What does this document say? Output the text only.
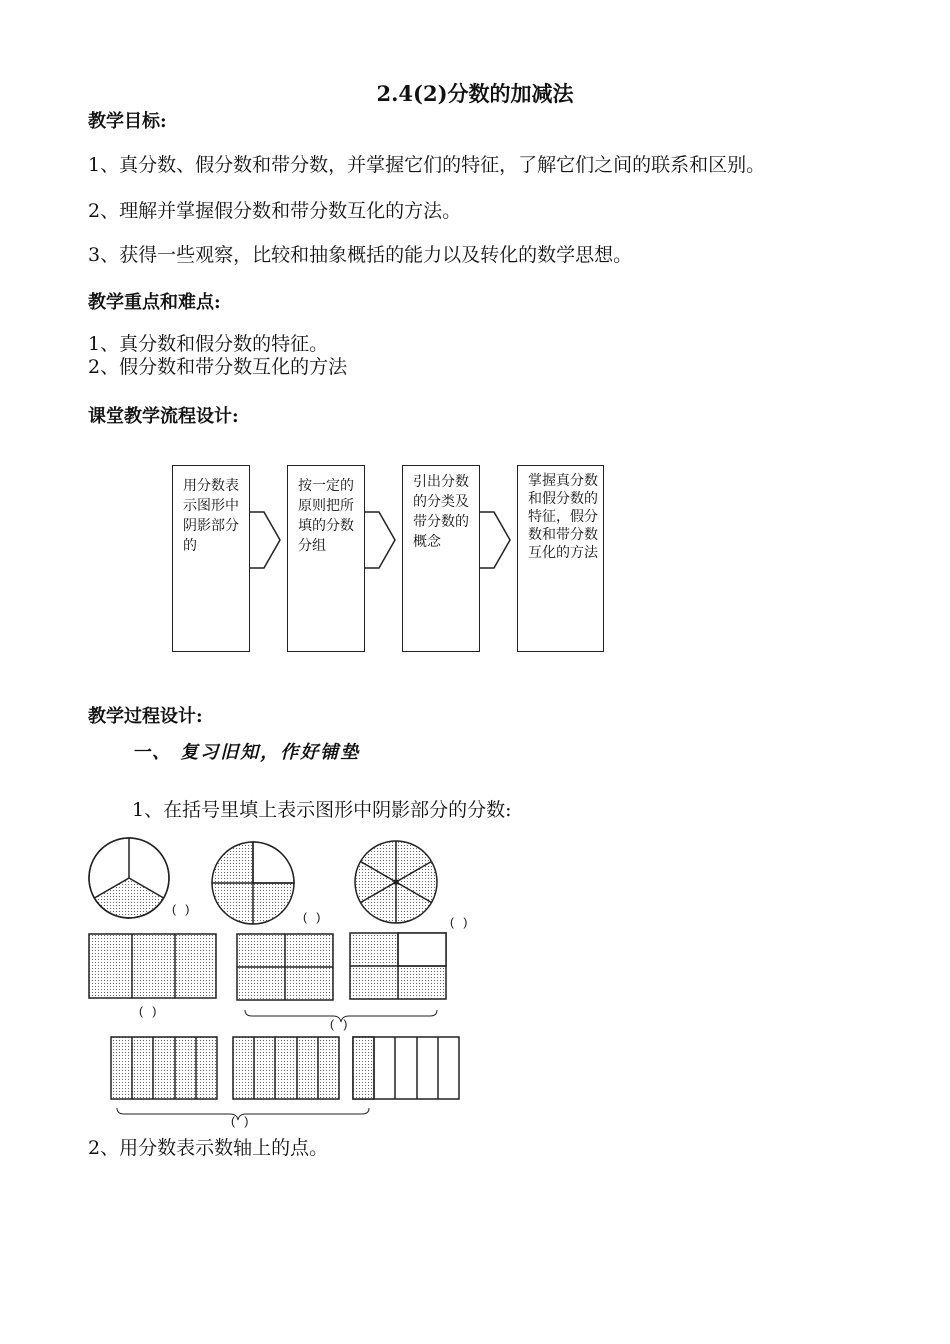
2.4(2)分数的加减法
教学目标:
1、真分数、假分数和带分数，并掌握它们的特征，了解它们之间的联系和区别。
2、理解并掌握假分数和带分数互化的方法。
3、获得一些观察，比较和抽象概括的能力以及转化的数学思想。
教学重点和难点:
1、真分数和假分数的特征。
2、假分数和带分数互化的方法
课堂教学流程设计:
用分数表示图形中阴影部分的
按一定的原则把所填的分数分组
引出分数的分类及带分数的概念
掌握真分数和假分数的特征，假分数和带分数互化的方法
教学过程设计:
一、 复习旧知，作好铺垫
1、在括号里填上表示图形中阴影部分的分数:
( )
( )	( )
( )
( )
( )
2、用分数表示数轴上的点。
